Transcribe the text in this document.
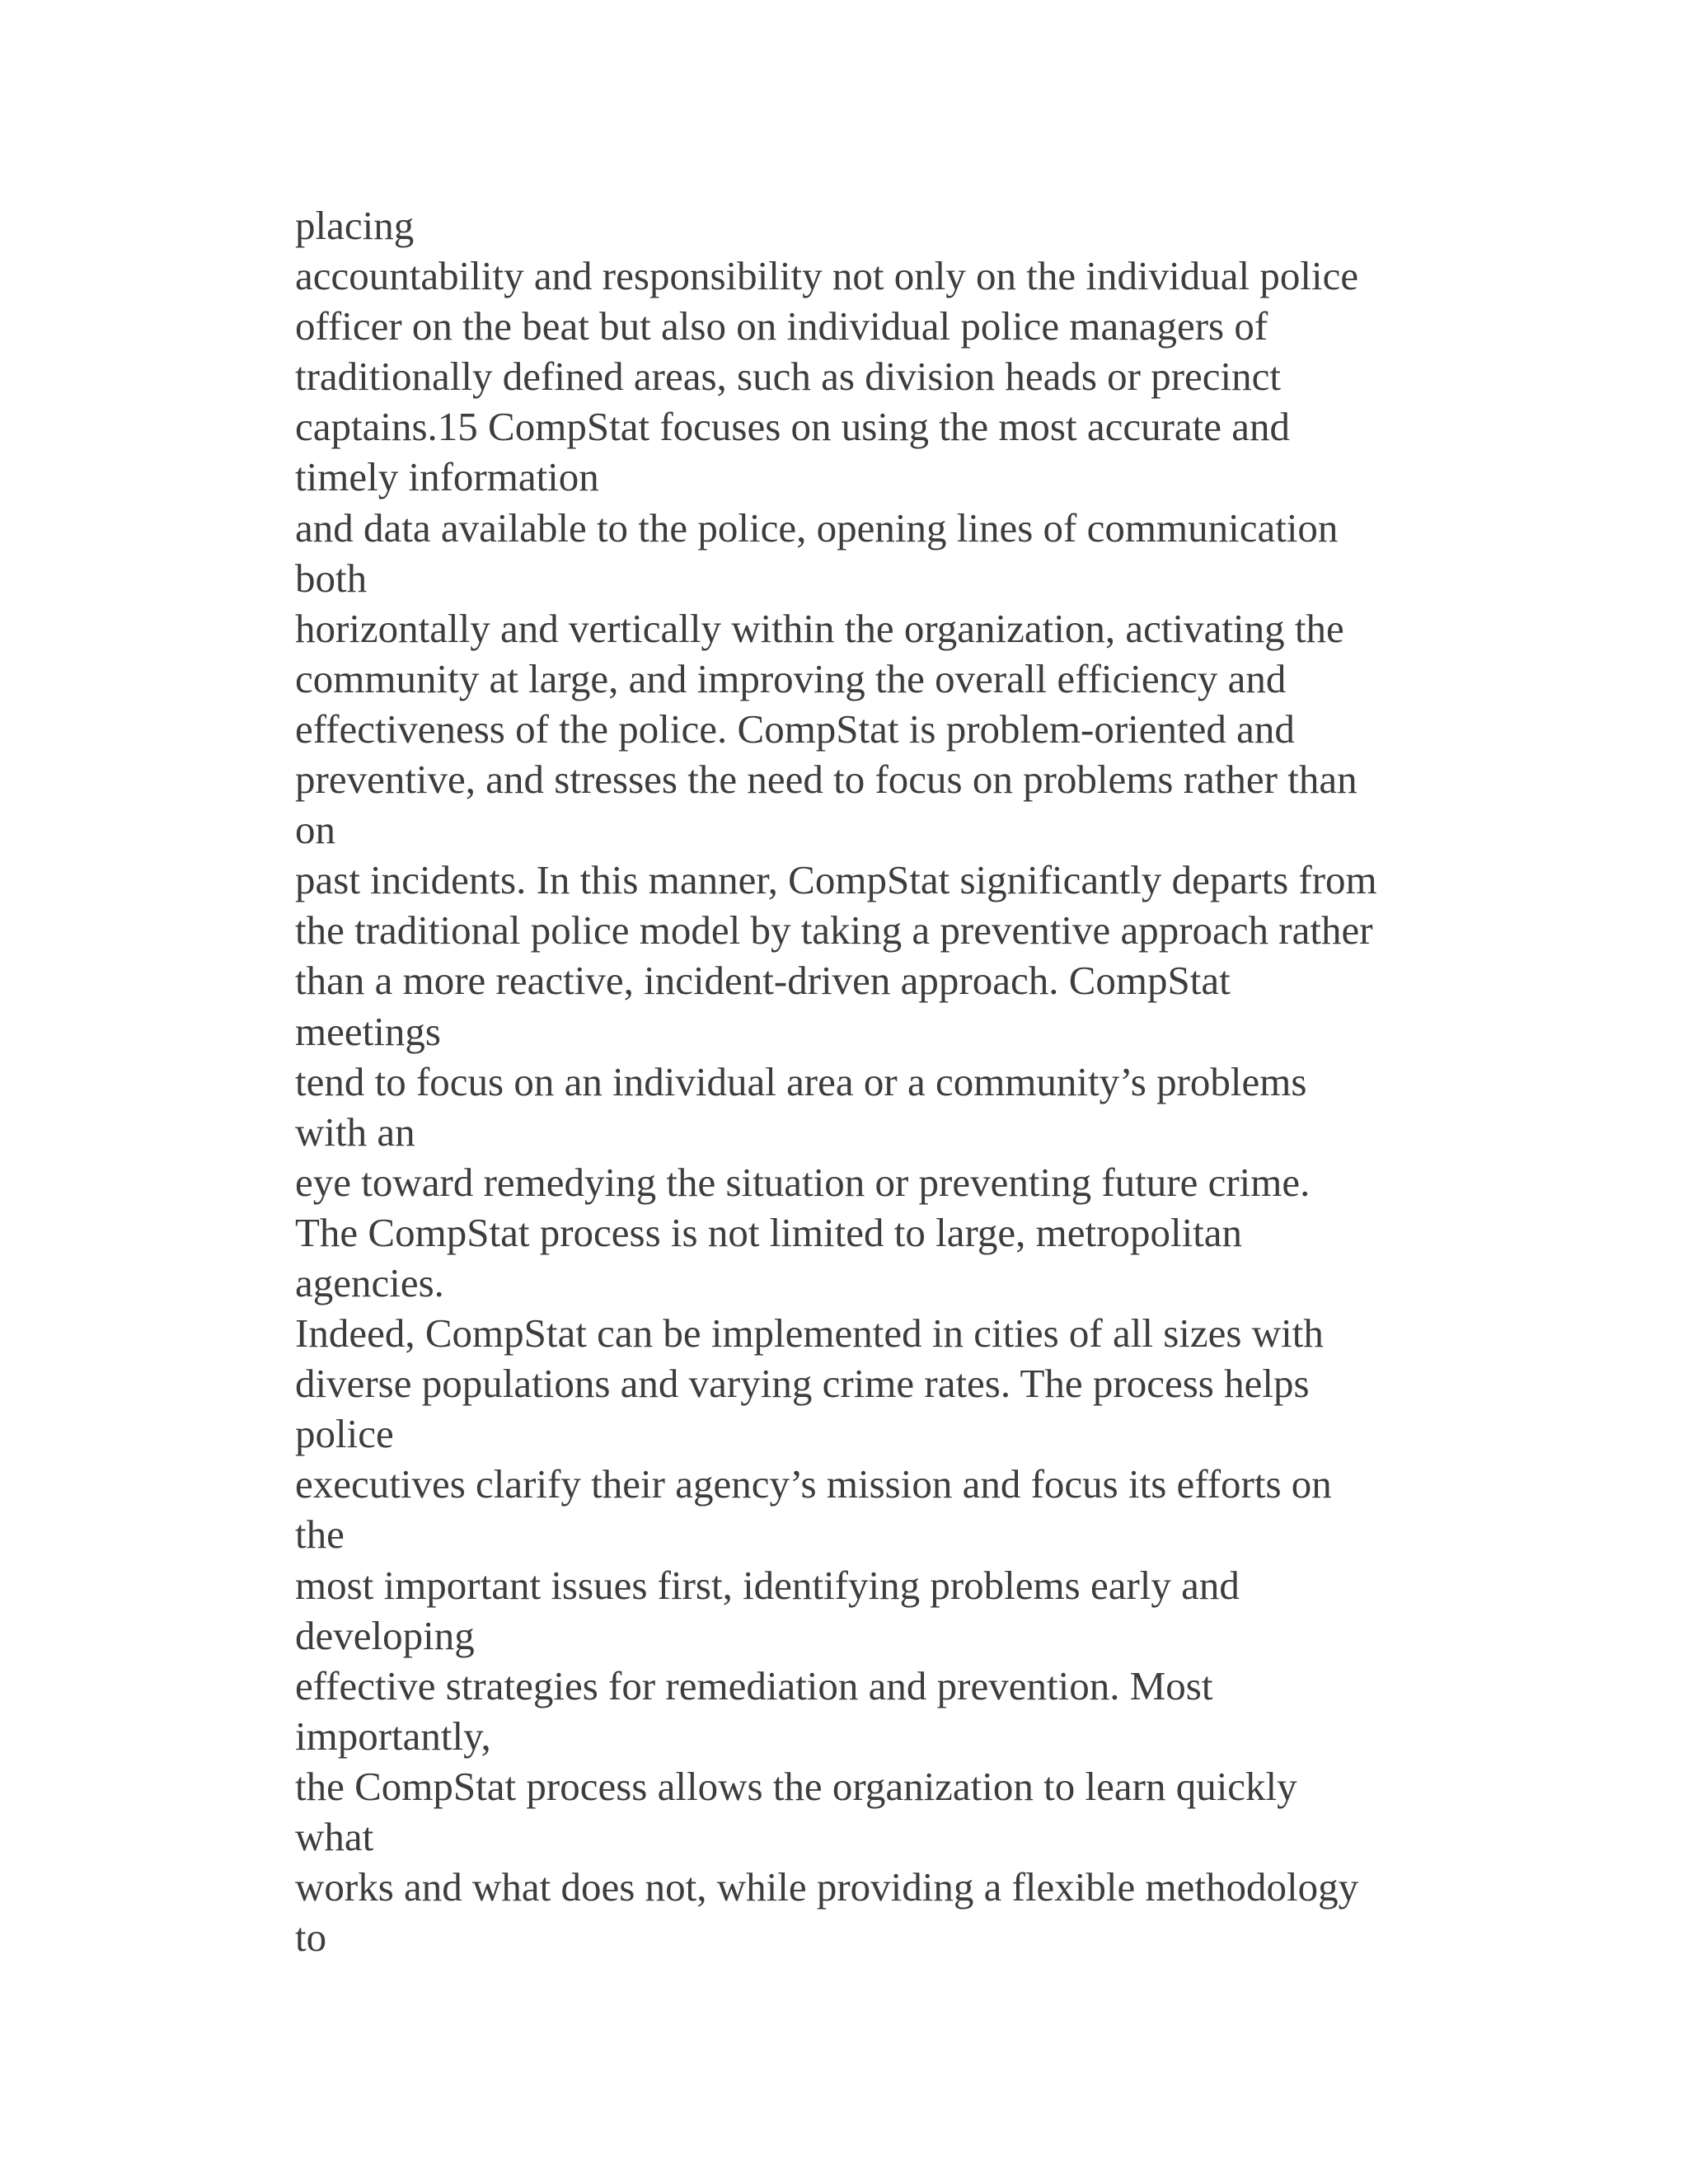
placing
accountability and responsibility not only on the individual police
officer on the beat but also on individual police managers of
traditionally defined areas, such as division heads or precinct
captains.15 CompStat focuses on using the most accurate and
timely information
and data available to the police, opening lines of communication
both
horizontally and vertically within the organization, activating the
community at large, and improving the overall efficiency and
effectiveness of the police. CompStat is problem-oriented and
preventive, and stresses the need to focus on problems rather than
on
past incidents. In this manner, CompStat significantly departs from
the traditional police model by taking a preventive approach rather
than a more reactive, incident-driven approach. CompStat
meetings
tend to focus on an individual area or a community’s problems
with an
eye toward remedying the situation or preventing future crime.
The CompStat process is not limited to large, metropolitan
agencies.
Indeed, CompStat can be implemented in cities of all sizes with
diverse populations and varying crime rates. The process helps
police
executives clarify their agency’s mission and focus its efforts on
the
most important issues first, identifying problems early and
developing
effective strategies for remediation and prevention. Most
importantly,
the CompStat process allows the organization to learn quickly
what
works and what does not, while providing a flexible methodology
to
